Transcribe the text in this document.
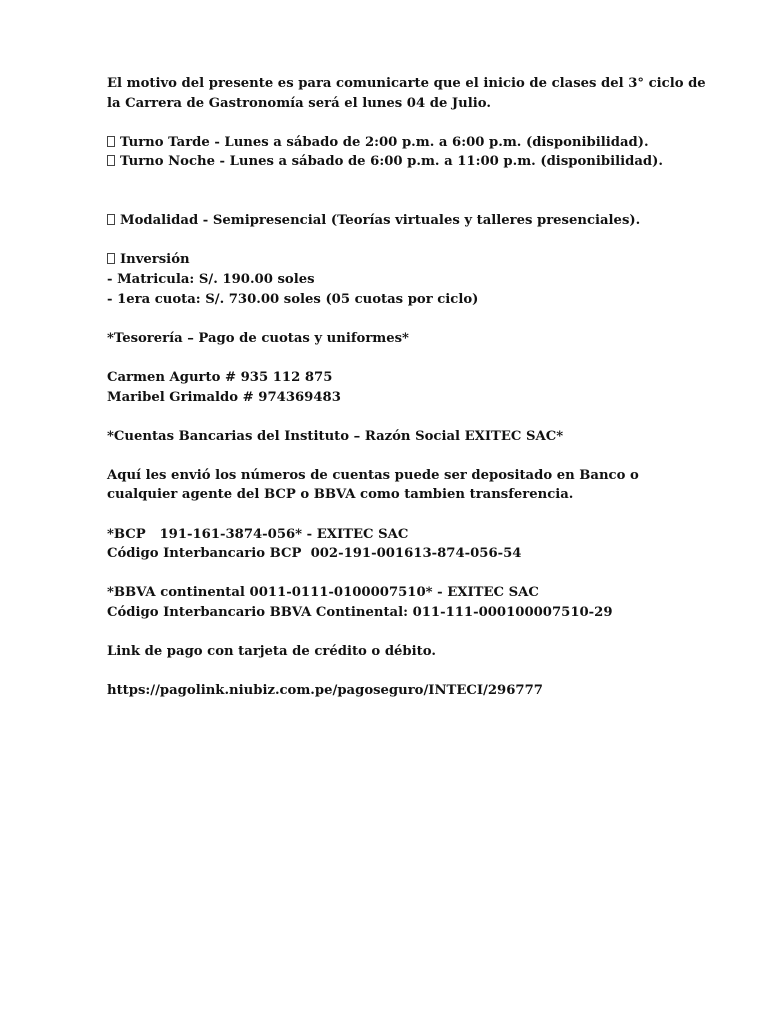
El motivo del presente es para comunicarte que el inicio de clases del 3° ciclo de
la Carrera de Gastronomía será el lunes 04 de Julio.
Turno Tarde - Lunes a sábado de 2:00 p.m. a 6:00 p.m. (disponibilidad).
Turno Noche - Lunes a sábado de 6:00 p.m. a 11:00 p.m. (disponibilidad).
Modalidad - Semipresencial (Teorías virtuales y talleres presenciales).
Inversión
- Matricula: S/. 190.00 soles
- 1era cuota: S/. 730.00 soles (05 cuotas por ciclo)
*Tesorería – Pago de cuotas y uniformes*
Carmen Agurto # 935 112 875
Maribel Grimaldo # 974369483
*Cuentas Bancarias del Instituto – Razón Social EXITEC SAC*
Aquí les envió los números de cuentas puede ser depositado en Banco o
cualquier agente del BCP o BBVA como tambien transferencia.
*BCP   191-161-3874-056* - EXITEC SAC
Código Interbancario BCP  002-191-001613-874-056-54
*BBVA continental 0011-0111-0100007510* - EXITEC SAC
Código Interbancario BBVA Continental: 011-111-000100007510-29
Link de pago con tarjeta de crédito o débito.
https://pagolink.niubiz.com.pe/pagoseguro/INTECI/296777
